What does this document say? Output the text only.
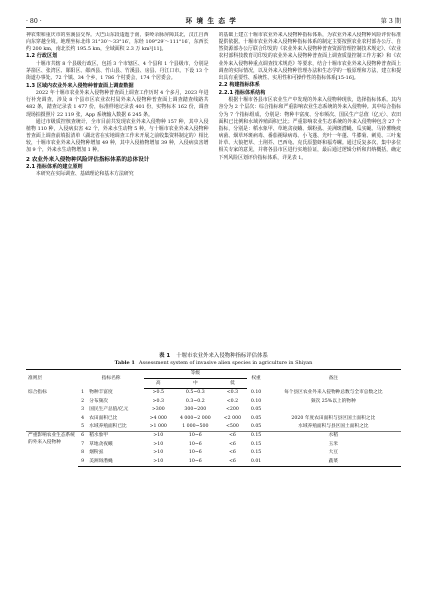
· 80 ·	环 境 生 态 学	第 3 期

神农架和重庆市的巫溪县交界。大巴山东段逶迤于南，秦岭余脉屏障其北，汉江自西向东穿越全境。地理坐标北纬 31°30′～33°16′，东经 109°29′～111°16′，东西长约 200 km，南北长约 195.5 km，全域面积 2.3 万 km²[11]。

1.2 行政区划

十堰市共辖 8 个县级行政区，包括 3 个市辖区、4 个县和 1 个县级市，分别是茅箭区、张湾区、郧阳区、郧西县、竹山县、竹溪县、房县、丹江口市。下设 13 个街道办事处、72 个镇、34 个乡，1 786 个村委会，174 个居委会。

1.3 区域内农业外来入侵物种普查面上调查数据

2022 年十堰市农业外来入侵物种普查面上调查工作历时 4 个多月，2023 年进行补充调查，涉及 8 个县市区农业农村局外来入侵物种普查面上调查踏查线路共 482 条，踏查记录表 1 477 份，标准样地记录表 401 份，实物标本 162 份，调查现场拍摄照片 22 119 张，App 系统输入数据 6 245 条。

通过市级质控核查统计，全市目前共发现农业外来入侵物种 157 种，其中入侵植物 110 种，入侵病虫害 42 个，外来水生动物 5 种。与十堰市农业外来入侵物种普查面上调查前填报清单（湖北省在实地调查工作未开展之前收集资料制定的）相比较，十堰市农业外来入侵物种增加 49 种，其中入侵植物增加 39 种，入侵病虫害增加 9 个，外来水生动物增加 1 种。

2 农业外来入侵物种风险评估指标体系的总体设计
2.1 指标体系的建立原则

本研究在实际调查、基础理论和基本方法研究

的基础上建立十堰市农业外来入侵物种指标体系，为农业外来入侵物种风险评价标准提供依据。十堰市农业外来入侵物种指标体系的制定主要按照农业农村部办公厅、自然资源部办公厅联合印发的《农业外来入侵物种普查资源管理控制技术规定》、《农业农村部科技教育司印发的农业外来入侵物种普查面上调查质量控制工作方案》和《农业外来入侵物种重点调查技术规范》等要求，结合十堰市农业外来入侵物种普查面上调查的实际情况，以及外来入侵物种管理办法和生态学的一般原理和方法，建立和提出具有重要性、系统性、实用性和可操作性的指标体系[15-16]。

2.2 构建指标体系
2.2.1 指标体系结构

根据十堰市各县市区农业生产中发现的外来入侵物种现状，选择指标体系。其内容分为 2 个层次：综合指标和严重影响农业生态系统的外来入侵物种。其中综合指标分为 7 个指标组成，分别是：物种丰富度、分布频次、国民生产总值（亿元）、农田面积已比例和水域养殖面积已比；严重影响农业生态系统的外来入侵物种包含 27 个指标，分别是：稻水象甲、草地贪夜蛾、烟粉虱、美洲斑潜蝇、瓜实蝇、马铃薯晚疫病菌、烟草环斑病毒、番茄褪绿病毒、小飞蓬、光叶一年蓬、牛膝菊、刺苋、三叶鬼针草、大狼把草、土荆芥、巴西龟、克氏原螯虾和福寿螺。通过反复多次，集中多位相关专家的意见，并将各县市区进行实地验证，最后通过逻辑分析和归纳概括，确定下列风险区划评价指标体系，详见表 1。

表 1 十堰市农业外来入侵物种指标评估体系
Table 1 Assessment system of invasive alien species in agriculture in Shiyan
准则层	指标名称		等级			权重	备注
			高	中	低		
综合指标	1	物种丰富度	>0.5	0.5~0.3	<0.3	0.10	每个县区农业外来入侵物种总数与全市总数之比
	2	分布频次	>0.3	0.3~0.2	<0.2	0.10	频次 25%以上的物种
	3	国民生产总值/亿元	>300	300~200	<200	0.05	
	4	农田面积已比	>4 000	4 000~2 000	<2 000	0.05	2020 年度农田面积与县区国土面积之比
	5	水域养殖面积已比	>1 000	1 000~500	<500	0.05	水域养殖面积与县区国土面积之比
严重影响农业生态系统的外来入侵物种	6	稻水象甲	>10	10~6	<6	0.15	水稻
	7	草地贪夜蛾	>10	10~6	<6	0.15	玉米
	8	烟粉虱	>10	10~6	<6	0.15	大豆
	9	美洲斑潜蝇	>10	10~6	<6	0.01	蔬菜
